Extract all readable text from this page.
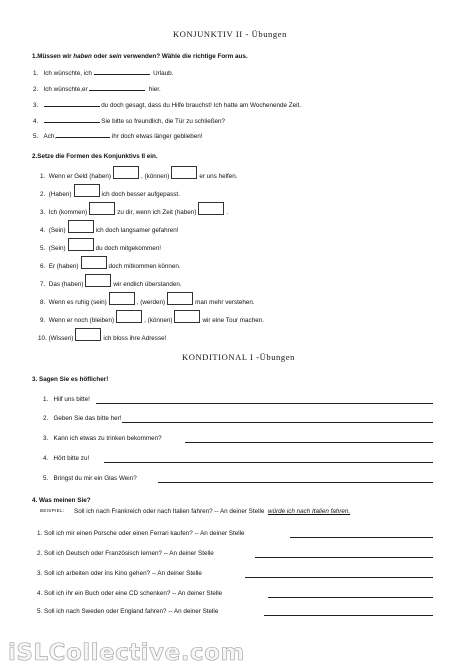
KONJUNKTIV II - Übungen
1.Müssen wir haben oder sein verwenden? Wähle die richtige Form aus.
1. Ich wünschte, ich	Urlaub.
2. Ich wünschte,er	hier.
3.	du doch gesagt, dass du Hilfe brauchst! Ich hatte am Wochenende Zeit.
4.	Sie bitte so freundlich, die Tür zu schließen?
5. Ach,	ihr doch etwas länger geblieben!
2.Setze die Formen des Konjunktivs II ein.
1. Wenn er Geld (haben)	, (können)	er uns helfen.
2. (Haben)	ich doch besser aufgepasst.
3. Ich (kommen)	zu dir, wenn ich Zeit (haben)	.
4. (Sein)	ich doch langsamer gefahren!
5. (Sein)	du doch mitgekommen!
6. Er (haben)	doch mitkommen können.
7. Das (haben)	wir endlich überstanden.
8. Wenn es ruhig (sein)	, (werden)	man mehr verstehen.
9. Wenn er noch (bleiben)	, (können)	wir eine Tour machen.
10. (Wissen)	ich bloss ihre Adresse!
KONDITIONAL I -Übungen
3. Sagen Sie es höflicher!
1. Hilf uns bitte!
2. Geben Sie das bitte her!
3. Kann ich etwas zu trinken bekommen?
4. Hört bitte zu!
5. Bringst du mir ein Glas Wein?
4. Was meinen Sie?
BEISPIEL: Soll ich nach Frankreich oder nach Italien fahren? -- An deiner Stelle würde ich nach Italien fahren.
1. Soll ich mir einen Porsche oder einen Ferrari kaufen? -- An deiner Stelle
2. Soll ich Deutsch oder Französisch lernen? -- An deiner Stelle
3. Soll ich arbeiten oder ins Kino gehen? -- An deiner Stelle
4. Soll ich ihr ein Buch oder eine CD schenken? -- An deiner Stelle
5. Soll ich nach Sweden oder England fahren? -- An deiner Stelle
iSLCollective.com
